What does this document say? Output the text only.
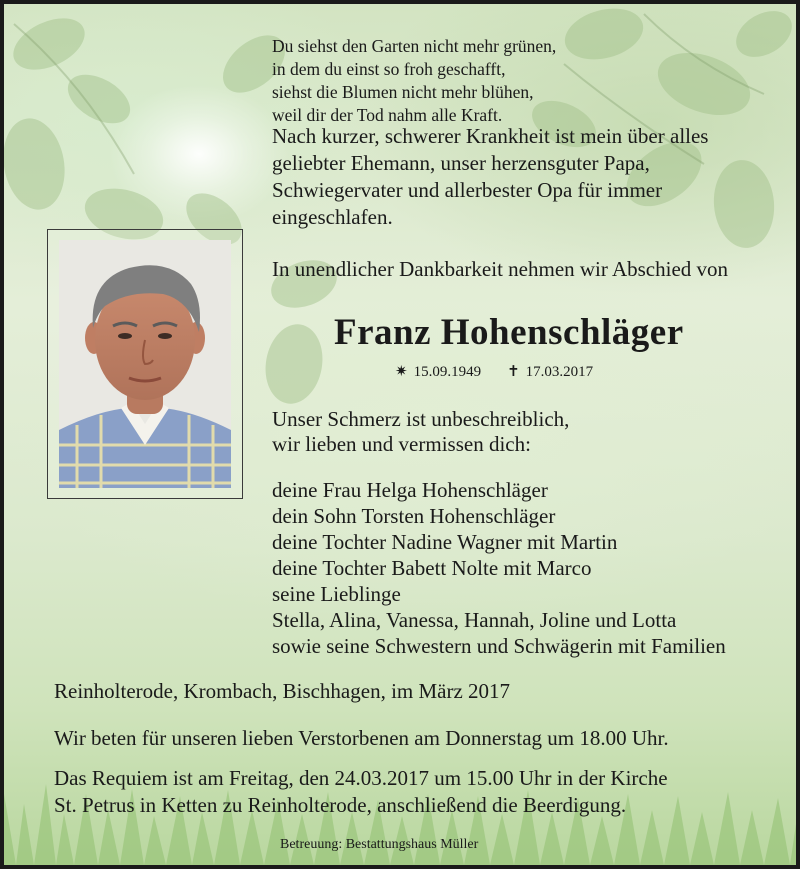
Du siehst den Garten nicht mehr grünen,
in dem du einst so froh geschafft,
siehst die Blumen nicht mehr blühen,
weil dir der Tod nahm alle Kraft.
Nach kurzer, schwerer Krankheit ist mein über alles
geliebter Ehemann, unser herzensguter Papa,
Schwiegervater und allerbester Opa für immer
eingeschlafen.
In unendlicher Dankbarkeit nehmen wir Abschied von
Franz Hohenschläger
✷ 15.09.1949 ✝ 17.03.2017
Unser Schmerz ist unbeschreiblich,
wir lieben und vermissen dich:
deine Frau Helga Hohenschläger
dein Sohn Torsten Hohenschläger
deine Tochter Nadine Wagner mit Martin
deine Tochter Babett Nolte mit Marco
seine Lieblinge
Stella, Alina, Vanessa, Hannah, Joline und Lotta
sowie seine Schwestern und Schwägerin mit Familien
Reinholterode, Krombach, Bischhagen, im März 2017
Wir beten für unseren lieben Verstorbenen am Donnerstag um 18.00 Uhr.
Das Requiem ist am Freitag, den 24.03.2017 um 15.00 Uhr in der Kirche
St. Petrus in Ketten zu Reinholterode, anschließend die Beerdigung.
Betreuung: Bestattungshaus Müller
